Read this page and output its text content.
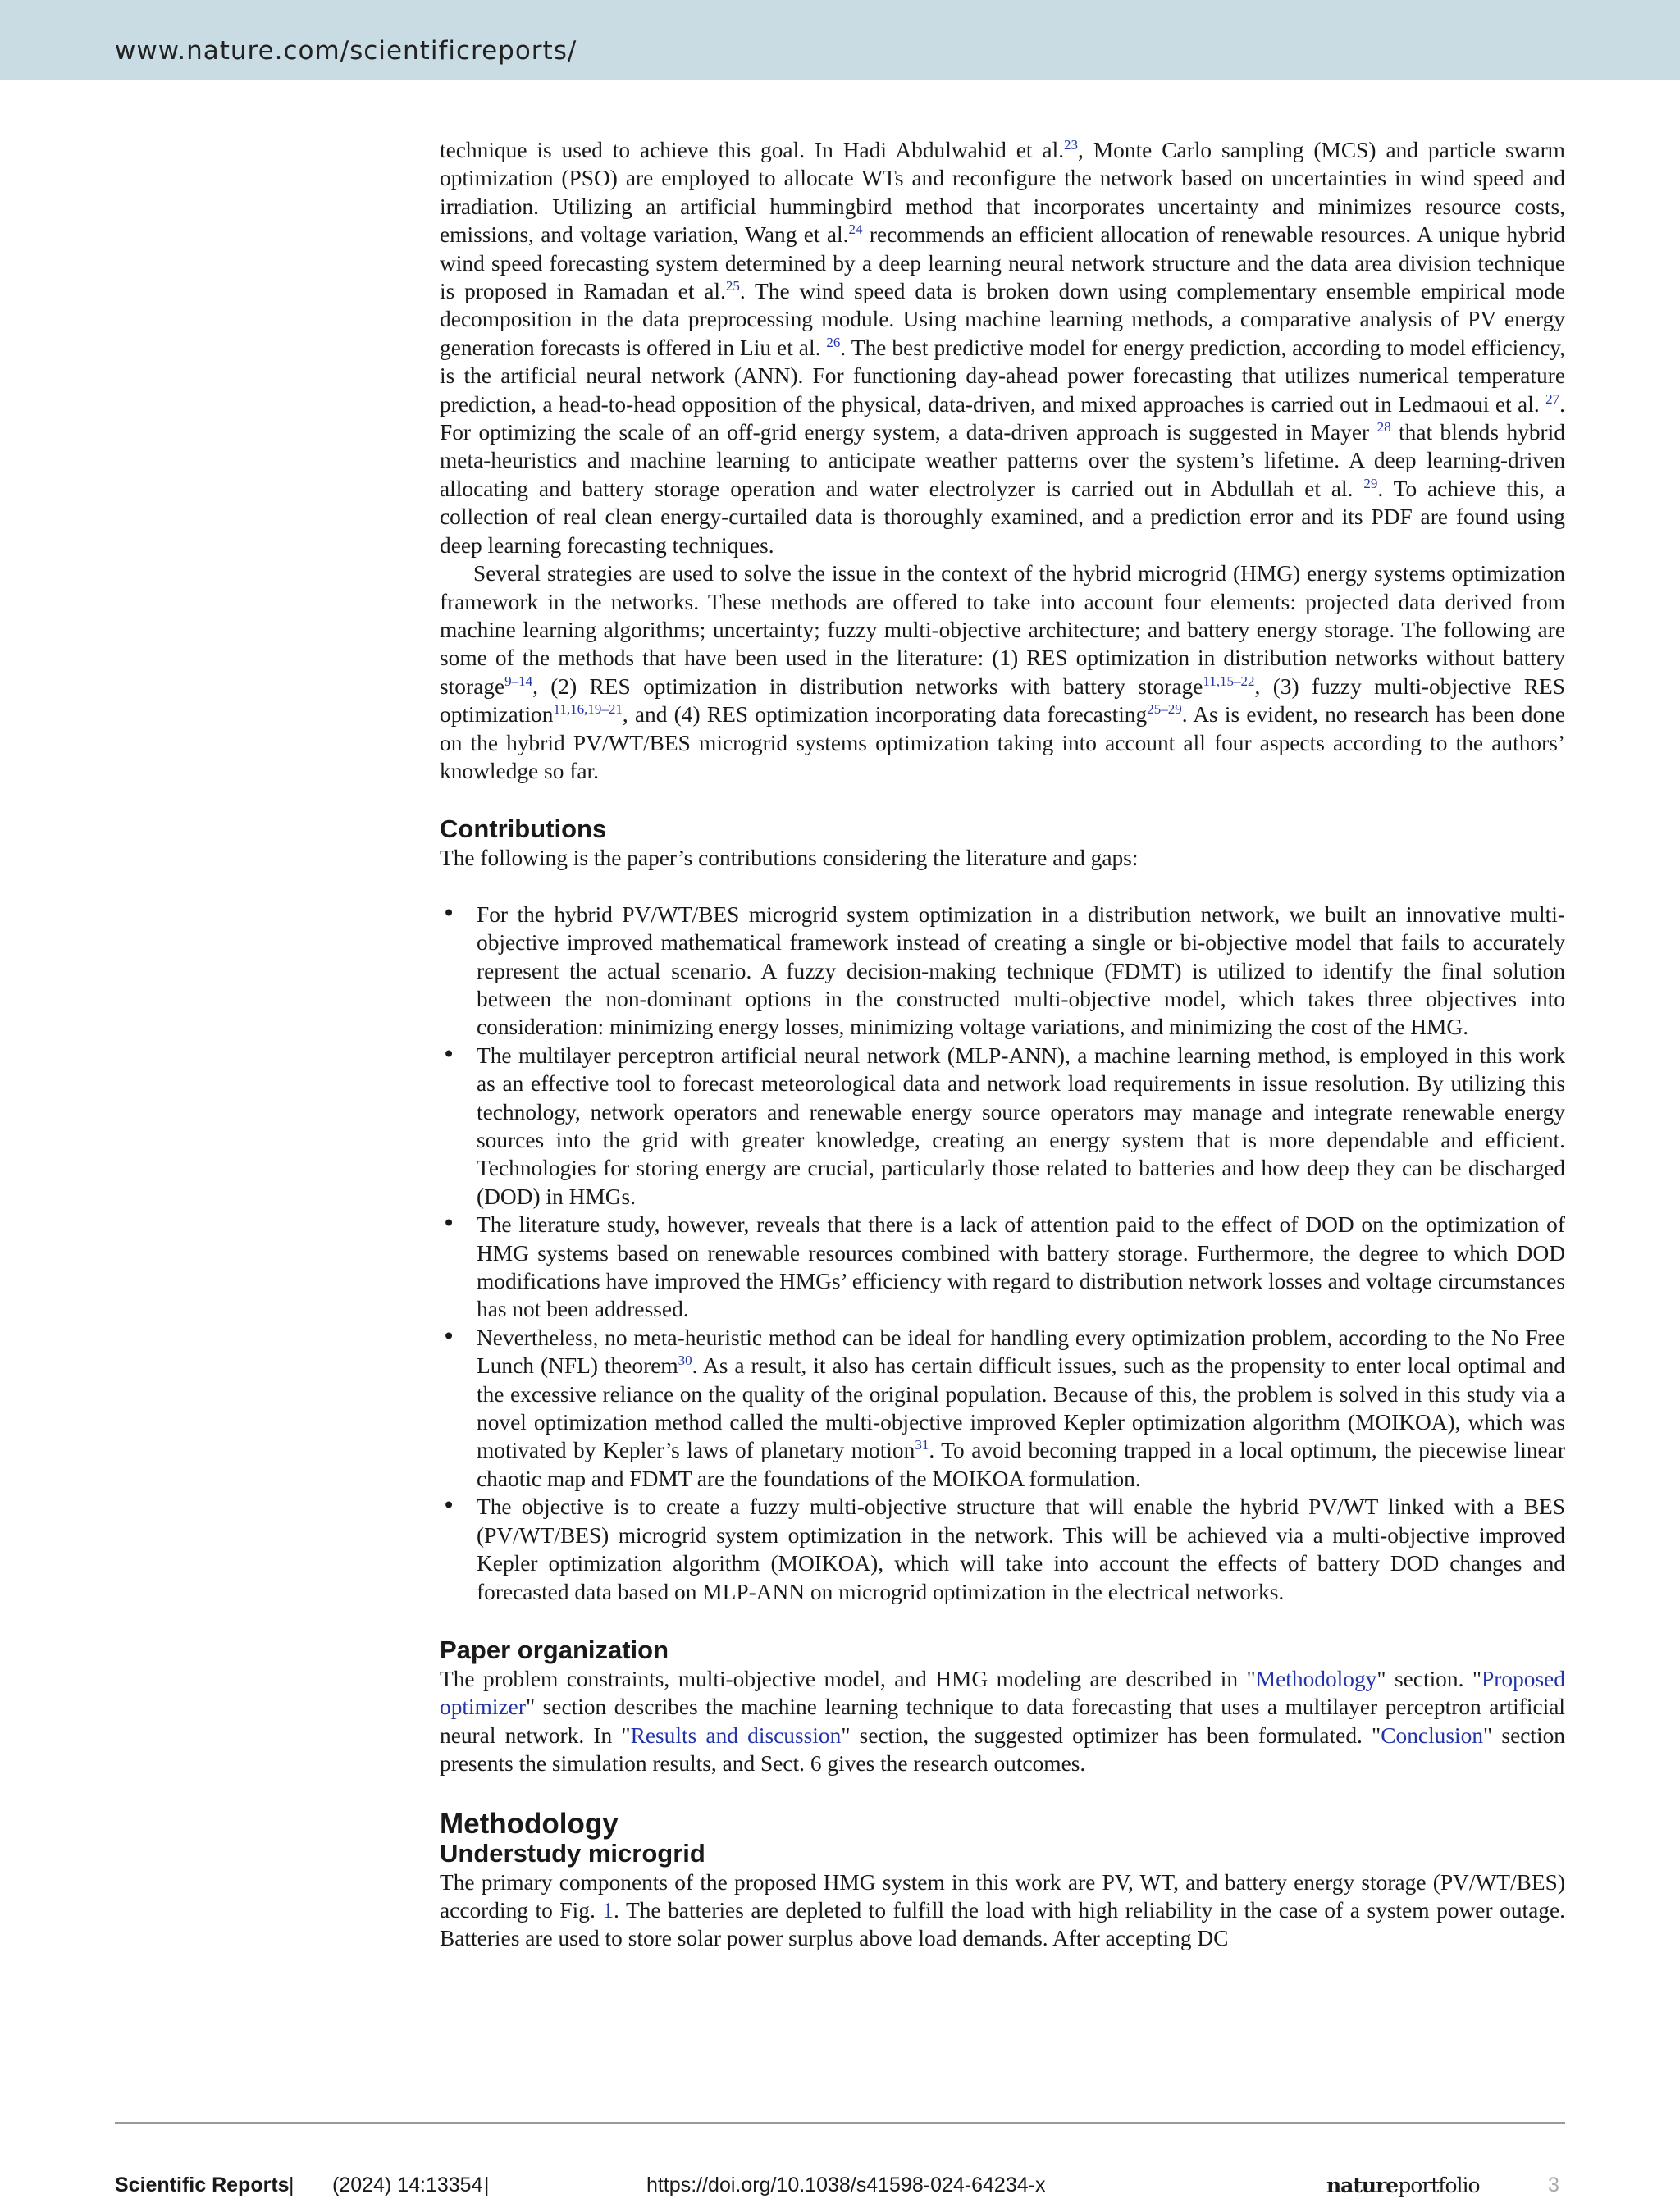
www.nature.com/scientificreports/

technique is used to achieve this goal. In Hadi Abdulwahid et al.$^{23}$, Monte Carlo sampling (MCS) and particle swarm optimization (PSO) are employed to allocate WTs and reconfigure the network based on uncertainties in wind speed and irradiation. Utilizing an artificial hummingbird method that incorporates uncertainty and minimizes resource costs, emissions, and voltage variation, Wang et al.$^{24}$ recommends an efficient allocation of renewable resources. A unique hybrid wind speed forecasting system determined by a deep learning neural network structure and the data area division technique is proposed in Ramadan et al.$^{25}$. The wind speed data is broken down using complementary ensemble empirical mode decomposition in the data preprocessing module. Using machine learning methods, a comparative analysis of PV energy generation forecasts is offered in Liu et al. $^{26}$. The best predictive model for energy prediction, according to model efficiency, is the artificial neural network (ANN). For functioning day-ahead power forecasting that utilizes numerical temperature prediction, a head-to-head opposition of the physical, data-driven, and mixed approaches is carried out in Ledmaoui et al. $^{27}$. For optimizing the scale of an off-grid energy system, a data-driven approach is suggested in Mayer $^{28}$ that blends hybrid meta-heuristics and machine learning to anticipate weather patterns over the system’s lifetime. A deep learning-driven allocating and battery storage operation and water electrolyzer is carried out in Abdullah et al. $^{29}$. To achieve this, a collection of real clean energy-curtailed data is thoroughly examined, and a prediction error and its PDF are found using deep learning forecasting techniques.

Several strategies are used to solve the issue in the context of the hybrid microgrid (HMG) energy systems optimization framework in the networks. These methods are offered to take into account four elements: projected data derived from machine learning algorithms; uncertainty; fuzzy multi-objective architecture; and battery energy storage. The following are some of the methods that have been used in the literature: (1) RES optimization in distribution networks without battery storage$^{9-14}$, (2) RES optimization in distribution networks with battery storage$^{11,15-22}$, (3) fuzzy multi-objective RES optimization$^{11,16,19-21}$, and (4) RES optimization incorporating data forecasting$^{25-29}$. As is evident, no research has been done on the hybrid PV/WT/BES microgrid systems optimization taking into account all four aspects according to the authors’ knowledge so far.

Contributions

The following is the paper’s contributions considering the literature and gaps:

• For the hybrid PV/WT/BES microgrid system optimization in a distribution network, we built an innovative multi-objective improved mathematical framework instead of creating a single or bi-objective model that fails to accurately represent the actual scenario. A fuzzy decision-making technique (FDMT) is utilized to identify the final solution between the non-dominant options in the constructed multi-objective model, which takes three objectives into consideration: minimizing energy losses, minimizing voltage variations, and minimizing the cost of the HMG.
• The multilayer perceptron artificial neural network (MLP-ANN), a machine learning method, is employed in this work as an effective tool to forecast meteorological data and network load requirements in issue resolution. By utilizing this technology, network operators and renewable energy source operators may manage and integrate renewable energy sources into the grid with greater knowledge, creating an energy system that is more dependable and efficient. Technologies for storing energy are crucial, particularly those related to batteries and how deep they can be discharged (DOD) in HMGs.
• The literature study, however, reveals that there is a lack of attention paid to the effect of DOD on the optimization of HMG systems based on renewable resources combined with battery storage. Furthermore, the degree to which DOD modifications have improved the HMGs’ efficiency with regard to distribution network losses and voltage circumstances has not been addressed.
• Nevertheless, no meta-heuristic method can be ideal for handling every optimization problem, according to the No Free Lunch (NFL) theorem$^{30}$. As a result, it also has certain difficult issues, such as the propensity to enter local optimal and the excessive reliance on the quality of the original population. Because of this, the problem is solved in this study via a novel optimization method called the multi-objective improved Kepler optimization algorithm (MOIKOA), which was motivated by Kepler’s laws of planetary motion$^{31}$. To avoid becoming trapped in a local optimum, the piecewise linear chaotic map and FDMT are the foundations of the MOIKOA formulation.
• The objective is to create a fuzzy multi-objective structure that will enable the hybrid PV/WT linked with a BES (PV/WT/BES) microgrid system optimization in the network. This will be achieved via a multi-objective improved Kepler optimization algorithm (MOIKOA), which will take into account the effects of battery DOD changes and forecasted data based on MLP-ANN on microgrid optimization in the electrical networks.
Paper organization

The problem constraints, multi-objective model, and HMG modeling are described in "Methodology" section. "Proposed optimizer" section describes the machine learning technique to data forecasting that uses a multilayer perceptron artificial neural network. In "Results and discussion" section, the suggested optimizer has been formulated. "Conclusion" section presents the simulation results, and Sect. 6 gives the research outcomes.

Methodology
Understudy microgrid

The primary components of the proposed HMG system in this work are PV, WT, and battery energy storage (PV/WT/BES) according to Fig. 1. The batteries are depleted to fulfill the load with high reliability in the case of a system power outage. Batteries are used to store solar power surplus above load demands. After accepting DC

Scientific Reports | (2024) 14:13354 |	https://doi.org/10.1038/s41598-024-64234-x	natureportfolio	3
